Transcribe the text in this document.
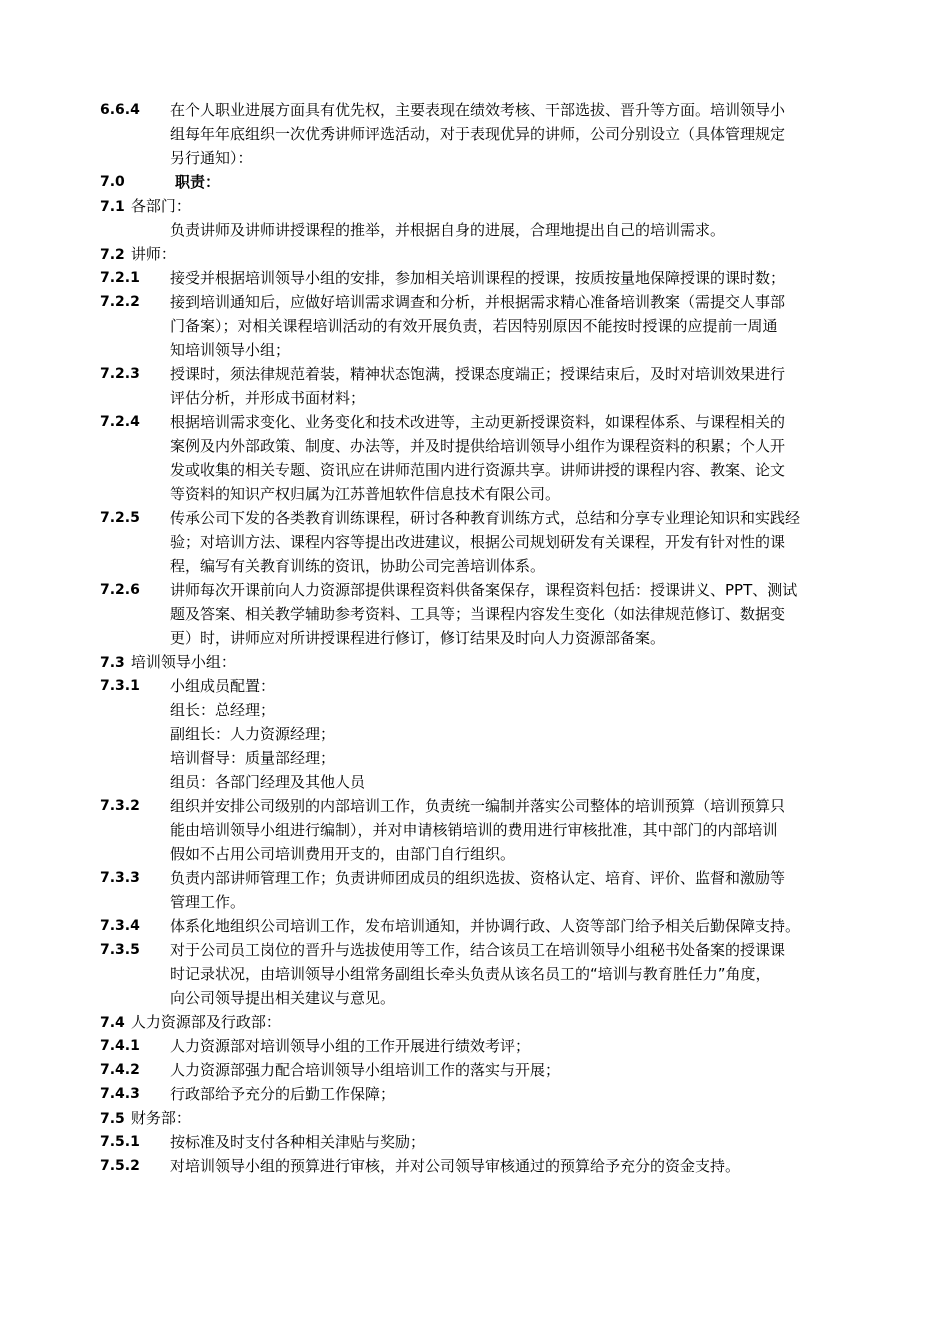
6.6.4 在个人职业进展方面具有优先权，主要表现在绩效考核、干部选拔、晋升等方面。培训领导小
组每年年底组织一次优秀讲师评选活动，对于表现优异的讲师，公司分别设立（具体管理规定
另行通知）：
7.0	职责：
7.1 各部门：
负责讲师及讲师讲授课程的推举，并根据自身的进展，合理地提出自己的培训需求。
7.2 讲师：
7.2.1 接受并根据培训领导小组的安排，参加相关培训课程的授课，按质按量地保障授课的课时数；
7.2.2 接到培训通知后，应做好培训需求调查和分析，并根据需求精心准备培训教案（需提交人事部
门备案）；对相关课程培训活动的有效开展负责，若因特别原因不能按时授课的应提前一周通
知培训领导小组；
7.2.3 授课时，须法律规范着装，精神状态饱满，授课态度端正；授课结束后，及时对培训效果进行
评估分析，并形成书面材料；
7.2.4 根据培训需求变化、业务变化和技术改进等，主动更新授课资料，如课程体系、与课程相关的
案例及内外部政策、制度、办法等，并及时提供给培训领导小组作为课程资料的积累；个人开
发或收集的相关专题、资讯应在讲师范围内进行资源共享。讲师讲授的课程内容、教案、论文
等资料的知识产权归属为江苏普旭软件信息技术有限公司。
7.2.5 传承公司下发的各类教育训练课程，研讨各种教育训练方式，总结和分享专业理论知识和实践经
验；对培训方法、课程内容等提出改进建议，根据公司规划研发有关课程，开发有针对性的课
程，编写有关教育训练的资讯，协助公司完善培训体系。
7.2.6 讲师每次开课前向人力资源部提供课程资料供备案保存，课程资料包括：授课讲义、PPT、测试
题及答案、相关教学辅助参考资料、工具等；当课程内容发生变化（如法律规范修订、数据变
更）时，讲师应对所讲授课程进行修订，修订结果及时向人力资源部备案。
7.3 培训领导小组：
7.3.1 小组成员配置：
组长：总经理；
副组长：人力资源经理；
培训督导：质量部经理；
组员：各部门经理及其他人员
7.3.2 组织并安排公司级别的内部培训工作，负责统一编制并落实公司整体的培训预算（培训预算只
能由培训领导小组进行编制），并对申请核销培训的费用进行审核批准，其中部门的内部培训
假如不占用公司培训费用开支的，由部门自行组织。
7.3.3 负责内部讲师管理工作；负责讲师团成员的组织选拔、资格认定、培育、评价、监督和激励等
管理工作。
7.3.4 体系化地组织公司培训工作，发布培训通知，并协调行政、人资等部门给予相关后勤保障支持。
7.3.5 对于公司员工岗位的晋升与选拔使用等工作，结合该员工在培训领导小组秘书处备案的授课课
时记录状况，由培训领导小组常务副组长牵头负责从该名员工的“培训与教育胜任力”角度，
向公司领导提出相关建议与意见。
7.4 人力资源部及行政部：
7.4.1 人力资源部对培训领导小组的工作开展进行绩效考评；
7.4.2 人力资源部强力配合培训领导小组培训工作的落实与开展；
7.4.3 行政部给予充分的后勤工作保障；
7.5 财务部：
7.5.1 按标准及时支付各种相关津贴与奖励；
7.5.2 对培训领导小组的预算进行审核，并对公司领导审核通过的预算给予充分的资金支持。
